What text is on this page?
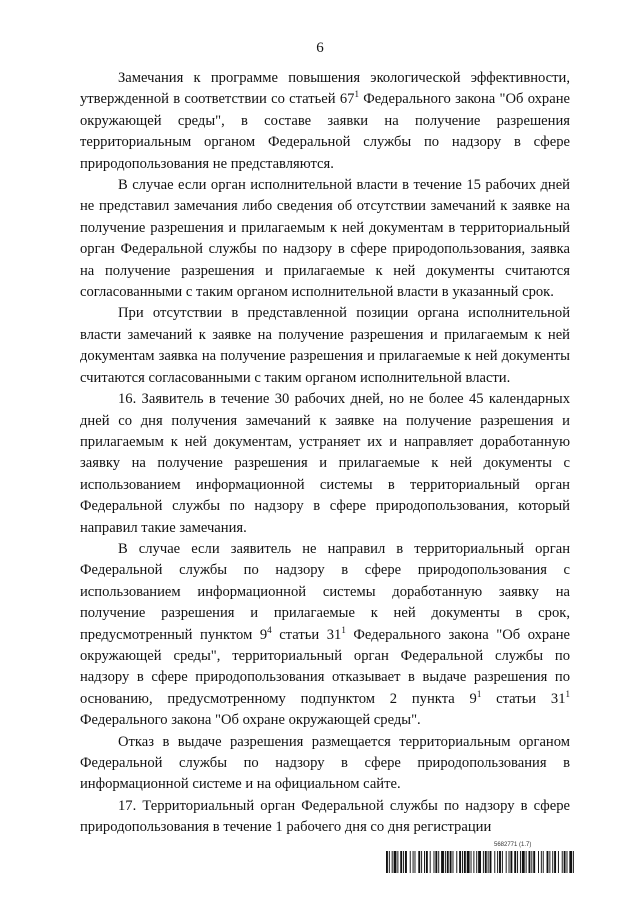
6

Замечания к программе повышения экологической эффективности, утвержденной в соответствии со статьей $67^1$ Федерального закона "Об охране окружающей среды", в составе заявки на получение разрешения территориальным органом Федеральной службы по надзору в сфере природопользования не представляются.

В случае если орган исполнительной власти в течение 15 рабочих дней не представил замечания либо сведения об отсутствии замечаний к заявке на получение разрешения и прилагаемым к ней документам в территориальный орган Федеральной службы по надзору в сфере природопользования, заявка на получение разрешения и прилагаемые к ней документы считаются согласованными с таким органом исполнительной власти в указанный срок.

При отсутствии в представленной позиции органа исполнительной власти замечаний к заявке на получение разрешения и прилагаемым к ней документам заявка на получение разрешения и прилагаемые к ней документы считаются согласованными с таким органом исполнительной власти.

16. Заявитель в течение 30 рабочих дней, но не более 45 календарных дней со дня получения замечаний к заявке на получение разрешения и прилагаемым к ней документам, устраняет их и направляет доработанную заявку на получение разрешения и прилагаемые к ней документы с использованием информационной системы в территориальный орган Федеральной службы по надзору в сфере природопользования, который направил такие замечания.

В случае если заявитель не направил в территориальный орган Федеральной службы по надзору в сфере природопользования с использованием информационной системы доработанную заявку на получение разрешения и прилагаемые к ней документы в срок, предусмотренный пунктом $9^4$ статьи $31^1$ Федерального закона "Об охране окружающей среды", территориальный орган Федеральной службы по надзору в сфере природопользования отказывает в выдаче разрешения по основанию, предусмотренному подпунктом 2 пункта $9^1$ статьи $31^1$ Федерального закона "Об охране окружающей среды".

Отказ в выдаче разрешения размещается территориальным органом Федеральной службы по надзору в сфере природопользования в информационной системе и на официальном сайте.

17. Территориальный орган Федеральной службы по надзору в сфере природопользования в течение 1 рабочего дня со дня регистрации

5682771 (1.7)
